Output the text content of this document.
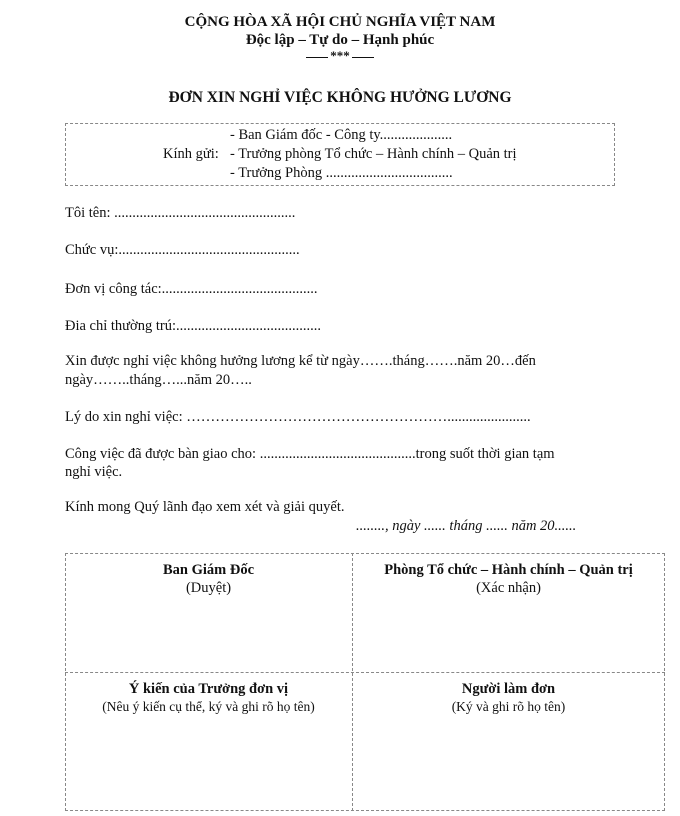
CỘNG HÒA XÃ HỘI CHỦ NGHĨA VIỆT NAM
Độc lập – Tự do – Hạnh phúc
***
ĐƠN XIN NGHỈ VIỆC KHÔNG HƯỞNG LƯƠNG
Kính gửi:
- Ban Giám đốc - Công ty....................
- Trưởng phòng Tổ chức – Hành chính – Quản trị
- Trưởng Phòng ...................................
Tôi tên: ..................................................
Chức vụ:..................................................
Đơn vị công tác:...........................................
Đia chỉ thường trú:........................................
Xin được nghỉ việc không hưởng lương kể từ ngày…….tháng…….năm 20…đến
ngày……..tháng…...năm 20…..
Lý do xin nghỉ việc: ……………………………………………….......................
Công việc đã được bàn giao cho: ...........................................trong suốt thời gian tạm
nghỉ việc.
Kính mong Quý lãnh đạo xem xét và giải quyết.
........, ngày ...... tháng ...... năm 20......
Ban Giám Đốc
(Duyệt)
Phòng Tổ chức – Hành chính – Quản trị
(Xác nhận)
Ý kiến của Trưởng đơn vị
(Nêu ý kiến cụ thể, ký và ghi rõ họ tên)
Người làm đơn
(Ký và ghi rõ họ tên)
